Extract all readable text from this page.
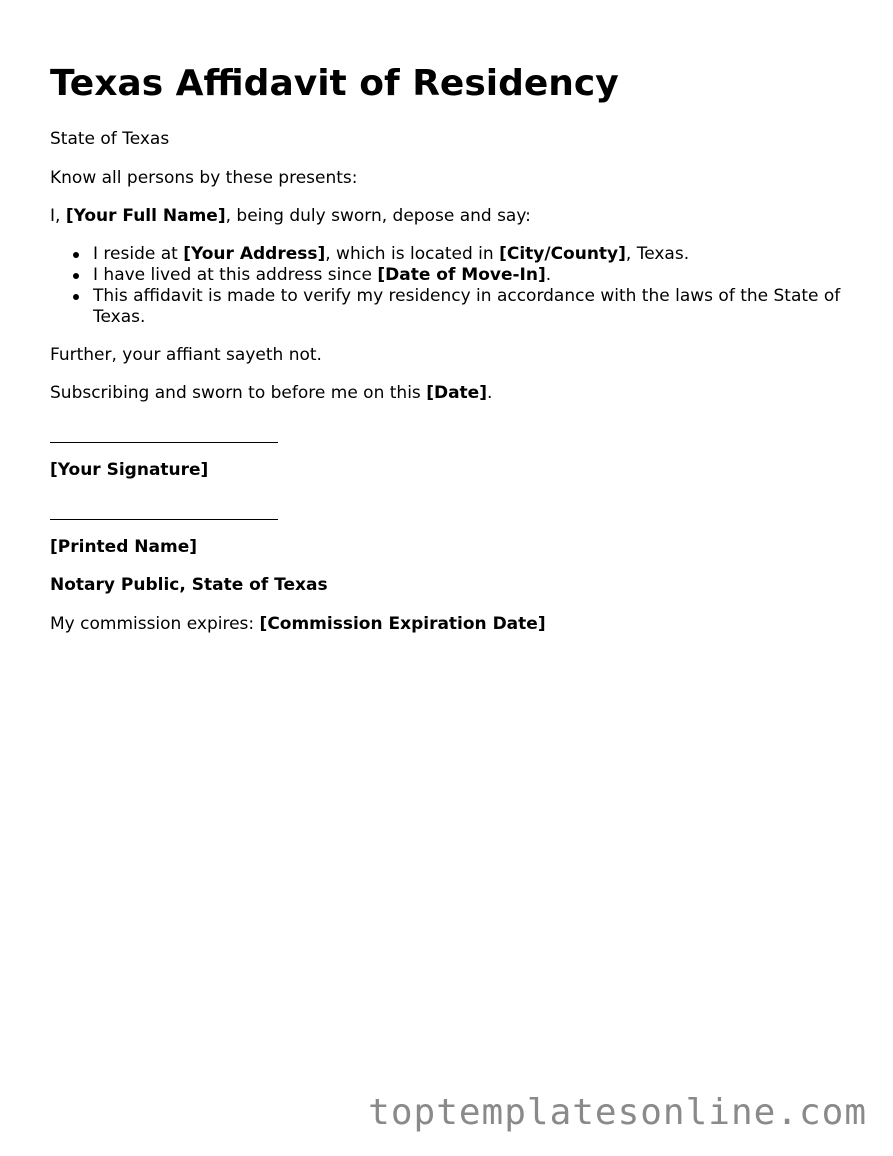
Texas Affidavit of Residency

State of Texas

Know all persons by these presents:

I, [Your Full Name], being duly sworn, depose and say:

I reside at [Your Address], which is located in [City/County], Texas.
I have lived at this address since [Date of Move-In].
This affidavit is made to verify my residency in accordance with the laws of the State of Texas.

Further, your affiant sayeth not.

Subscribing and sworn to before me on this [Date].

[Your Signature]

[Printed Name]

Notary Public, State of Texas

My commission expires: [Commission Expiration Date]

toptemplatesonline.com
